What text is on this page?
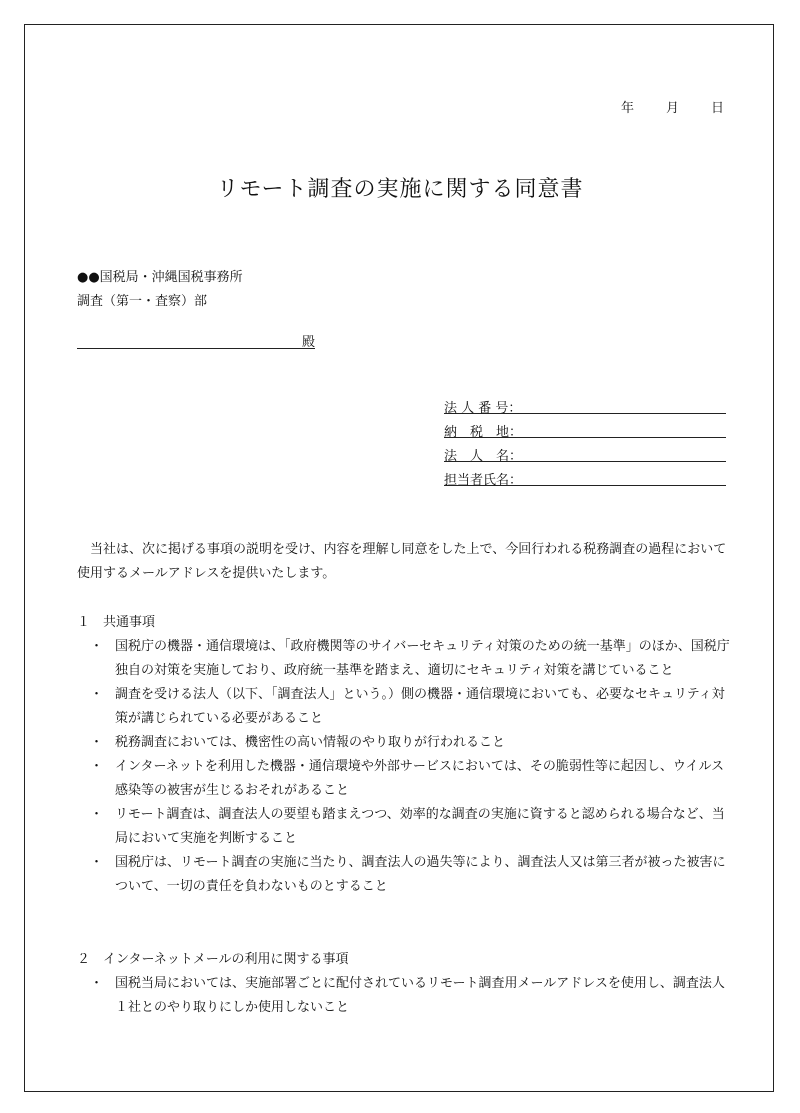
年 月 日
リモート調査の実施に関する同意書
●●国税局・沖縄国税事務所
調査（第一・査察）部
殿
法 人 番 号：
納　税　地：
法　人　名：
担当者氏名：
当社は、次に掲げる事項の説明を受け、内容を理解し同意をした上で、今回行われる税務調査の過程において使用するメールアドレスを提供いたします。
１　共通事項

・ 国税庁の機器・通信環境は、「政府機関等のサイバーセキュリティ対策のための統一基準」のほか、国税庁独自の対策を実施しており、政府統一基準を踏まえ、適切にセキュリティ対策を講じていること

・ 調査を受ける法人（以下、「調査法人」という。）側の機器・通信環境においても、必要なセキュリティ対策が講じられている必要があること

・ 税務調査においては、機密性の高い情報のやり取りが行われること

・ インターネットを利用した機器・通信環境や外部サービスにおいては、その脆弱性等に起因し、ウイルス感染等の被害が生じるおそれがあること

・ リモート調査は、調査法人の要望も踏まえつつ、効率的な調査の実施に資すると認められる場合など、当局において実施を判断すること

・ 国税庁は、リモート調査の実施に当たり、調査法人の過失等により、調査法人又は第三者が被った被害について、一切の責任を負わないものとすること

２　インターネットメールの利用に関する事項

・ 国税当局においては、実施部署ごとに配付されているリモート調査用メールアドレスを使用し、調査法人１社とのやり取りにしか使用しないこと
